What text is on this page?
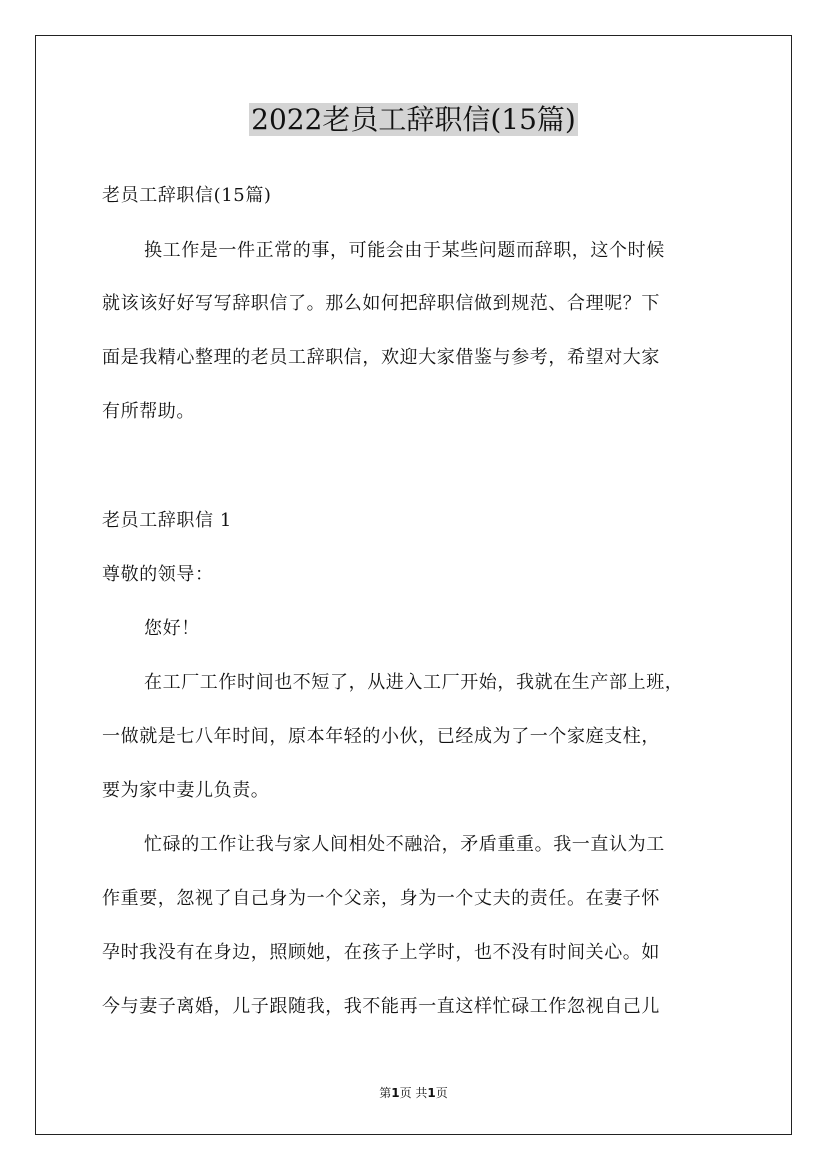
2022老员工辞职信(15篇)
老员工辞职信(15篇)
换工作是一件正常的事，可能会由于某些问题而辞职，这个时候
就该该好好写写辞职信了。那么如何把辞职信做到规范、合理呢？下
面是我精心整理的老员工辞职信，欢迎大家借鉴与参考，希望对大家
有所帮助。
老员工辞职信 1
尊敬的领导：
您好！
在工厂工作时间也不短了，从进入工厂开始，我就在生产部上班，
一做就是七八年时间，原本年轻的小伙，已经成为了一个家庭支柱，
要为家中妻儿负责。
忙碌的工作让我与家人间相处不融洽，矛盾重重。我一直认为工
作重要，忽视了自己身为一个父亲，身为一个丈夫的责任。在妻子怀
孕时我没有在身边，照顾她，在孩子上学时，也不没有时间关心。如
今与妻子离婚，儿子跟随我，我不能再一直这样忙碌工作忽视自己儿
第1页 共1页
